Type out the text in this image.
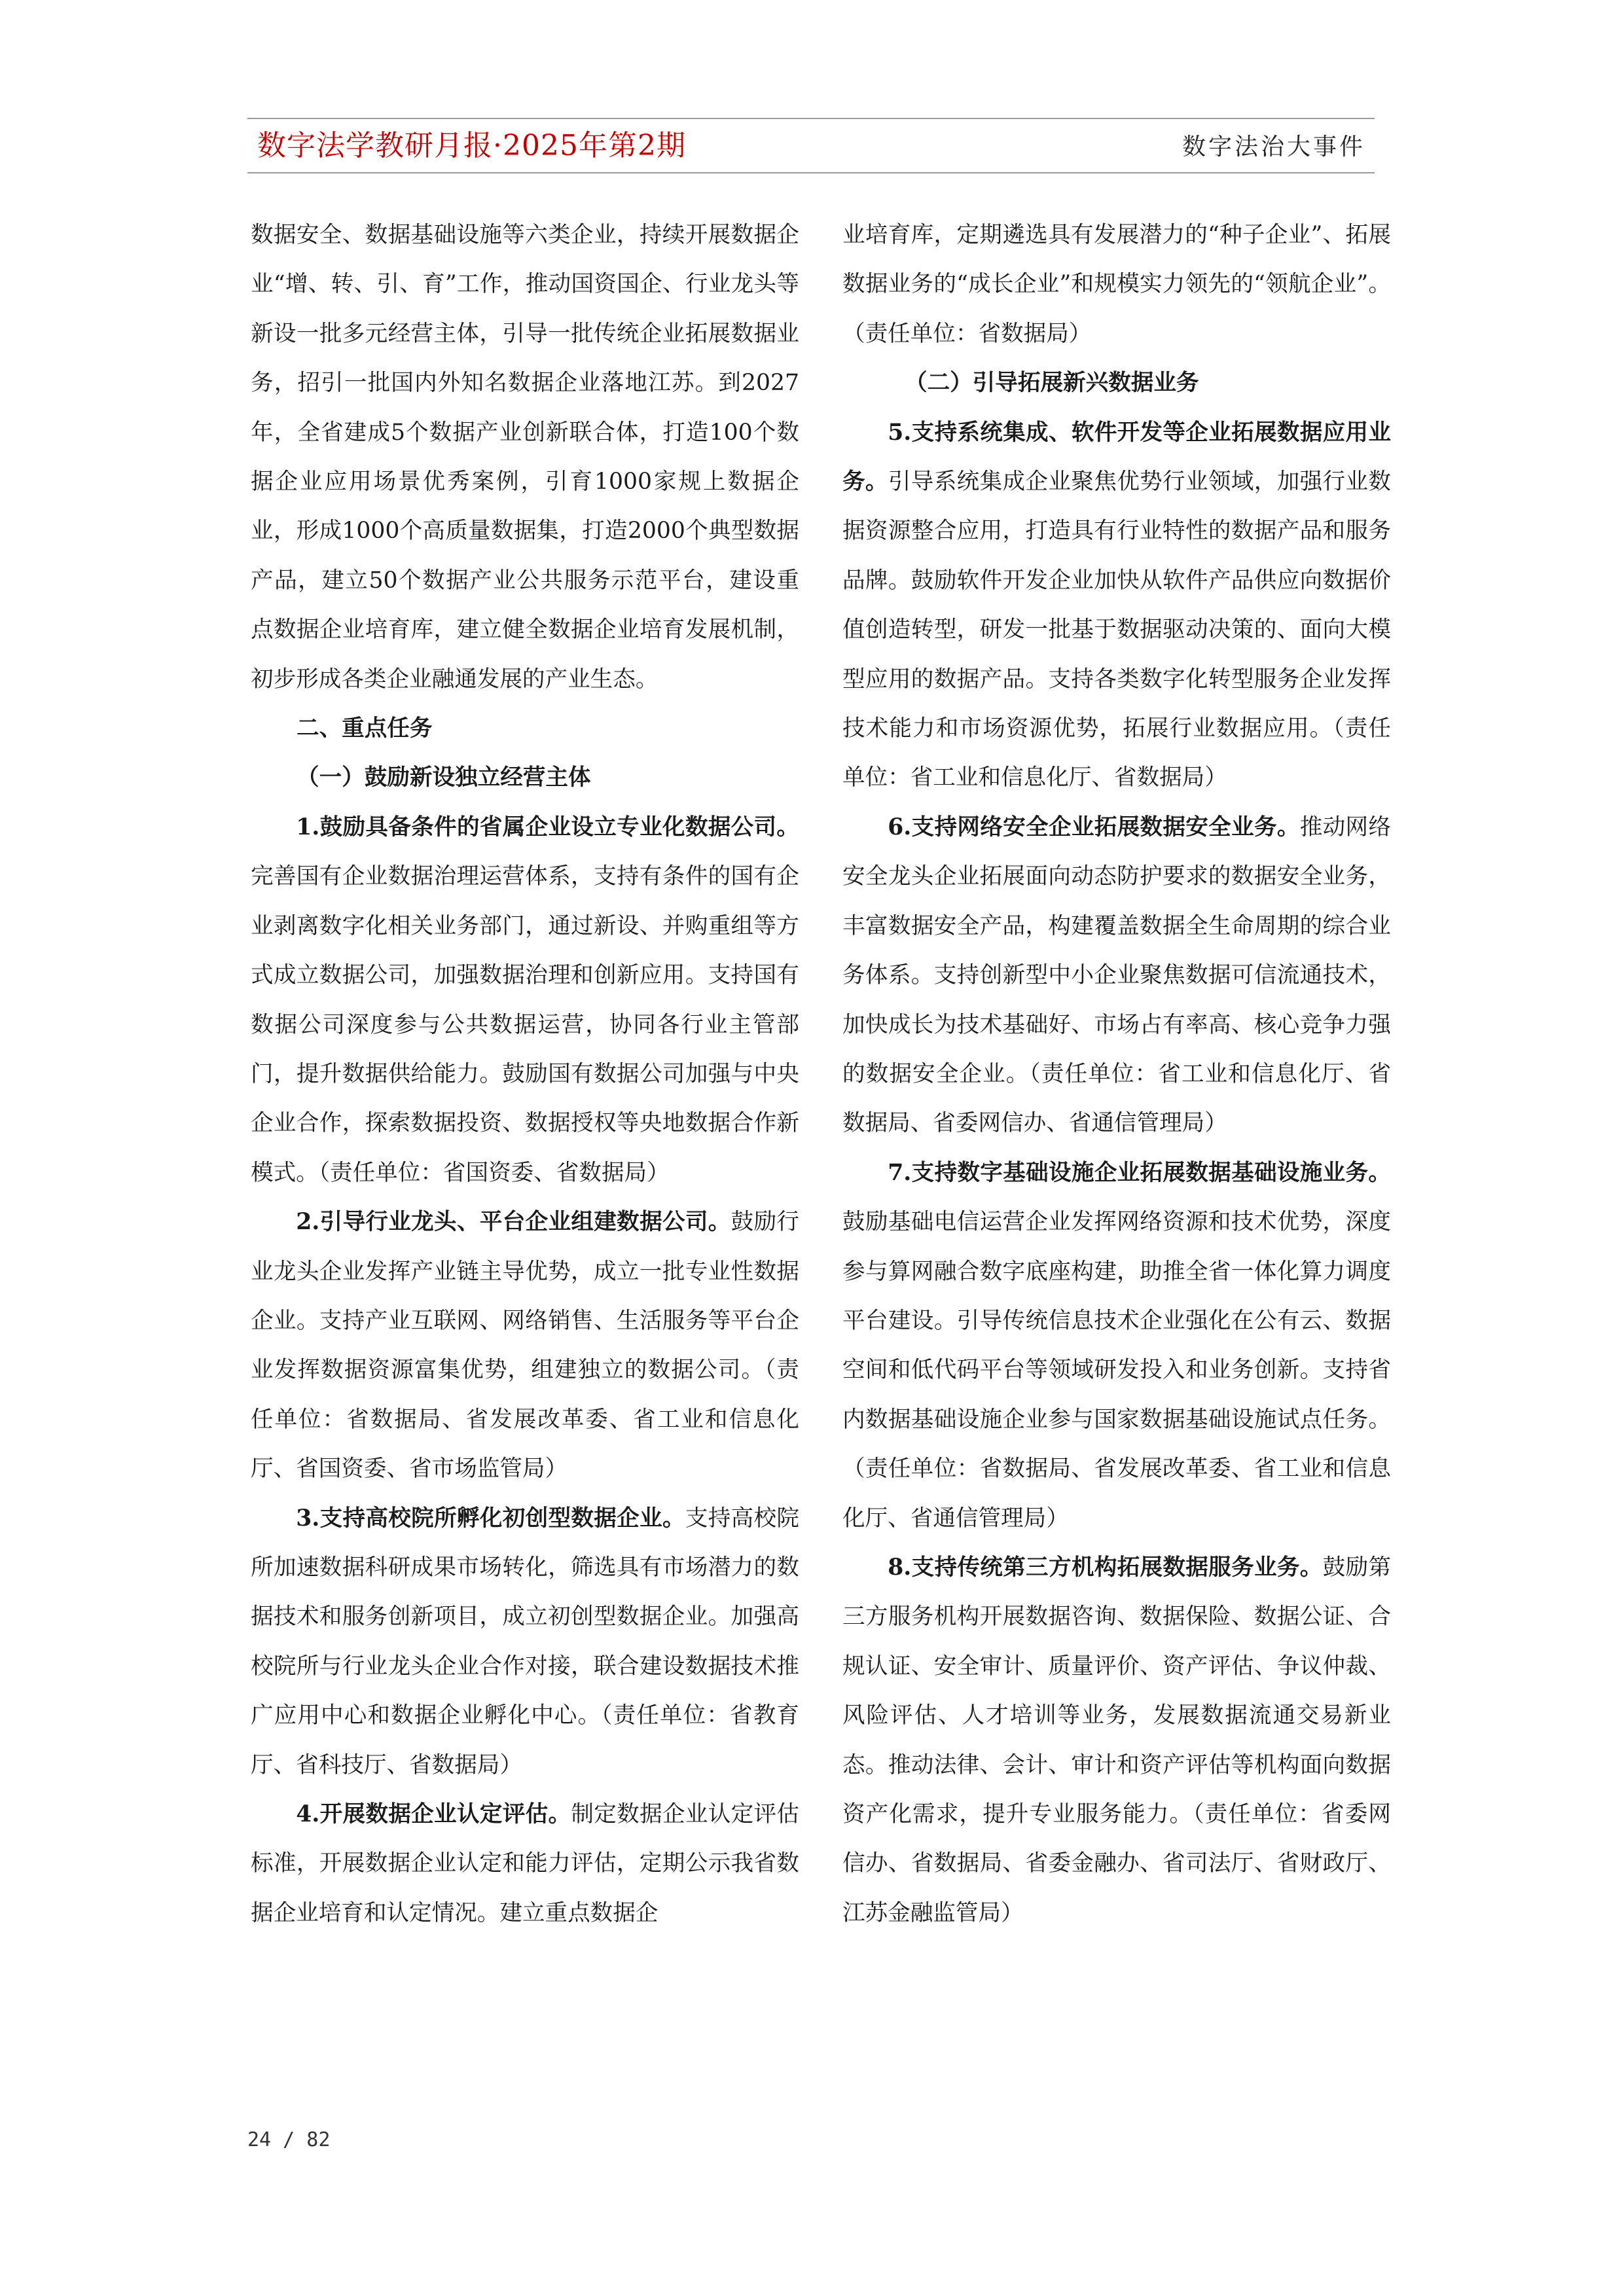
数字法学教研月报·2025年第2期	数字法治大事件

数据安全、数据基础设施等六类企业，持续开展数据企业“增、转、引、育”工作，推动国资国企、行业龙头等新设一批多元经营主体，引导一批传统企业拓展数据业务，招引一批国内外知名数据企业落地江苏。到2027年，全省建成5个数据产业创新联合体，打造100个数据企业应用场景优秀案例，引育1000家规上数据企业，形成1000个高质量数据集，打造2000个典型数据产品，建立50个数据产业公共服务示范平台，建设重点数据企业培育库，建立健全数据企业培育发展机制，初步形成各类企业融通发展的产业生态。

二、重点任务

（一）鼓励新设独立经营主体

1.鼓励具备条件的省属企业设立专业化数据公司。完善国有企业数据治理运营体系，支持有条件的国有企业剥离数字化相关业务部门，通过新设、并购重组等方式成立数据公司，加强数据治理和创新应用。支持国有数据公司深度参与公共数据运营，协同各行业主管部门，提升数据供给能力。鼓励国有数据公司加强与中央企业合作，探索数据投资、数据授权等央地数据合作新模式。（责任单位：省国资委、省数据局）

2.引导行业龙头、平台企业组建数据公司。鼓励行业龙头企业发挥产业链主导优势，成立一批专业性数据企业。支持产业互联网、网络销售、生活服务等平台企业发挥数据资源富集优势，组建独立的数据公司。（责任单位：省数据局、省发展改革委、省工业和信息化厅、省国资委、省市场监管局）

3.支持高校院所孵化初创型数据企业。支持高校院所加速数据科研成果市场转化，筛选具有市场潜力的数据技术和服务创新项目，成立初创型数据企业。加强高校院所与行业龙头企业合作对接，联合建设数据技术推广应用中心和数据企业孵化中心。（责任单位：省教育厅、省科技厅、省数据局）

4.开展数据企业认定评估。制定数据企业认定评估标准，开展数据企业认定和能力评估，定期公示我省数据企业培育和认定情况。建立重点数据企

业培育库，定期遴选具有发展潜力的“种子企业”、拓展数据业务的“成长企业”和规模实力领先的“领航企业”。（责任单位：省数据局）

（二）引导拓展新兴数据业务

5.支持系统集成、软件开发等企业拓展数据应用业务。引导系统集成企业聚焦优势行业领域，加强行业数据资源整合应用，打造具有行业特性的数据产品和服务品牌。鼓励软件开发企业加快从软件产品供应向数据价值创造转型，研发一批基于数据驱动决策的、面向大模型应用的数据产品。支持各类数字化转型服务企业发挥技术能力和市场资源优势，拓展行业数据应用。（责任单位：省工业和信息化厅、省数据局）

6.支持网络安全企业拓展数据安全业务。推动网络安全龙头企业拓展面向动态防护要求的数据安全业务，丰富数据安全产品，构建覆盖数据全生命周期的综合业务体系。支持创新型中小企业聚焦数据可信流通技术，加快成长为技术基础好、市场占有率高、核心竞争力强的数据安全企业。（责任单位：省工业和信息化厅、省数据局、省委网信办、省通信管理局）

7.支持数字基础设施企业拓展数据基础设施业务。鼓励基础电信运营企业发挥网络资源和技术优势，深度参与算网融合数字底座构建，助推全省一体化算力调度平台建设。引导传统信息技术企业强化在公有云、数据空间和低代码平台等领域研发投入和业务创新。支持省内数据基础设施企业参与国家数据基础设施试点任务。（责任单位：省数据局、省发展改革委、省工业和信息化厅、省通信管理局）

8.支持传统第三方机构拓展数据服务业务。鼓励第三方服务机构开展数据咨询、数据保险、数据公证、合规认证、安全审计、质量评价、资产评估、争议仲裁、风险评估、人才培训等业务，发展数据流通交易新业态。推动法律、会计、审计和资产评估等机构面向数据资产化需求，提升专业服务能力。（责任单位：省委网信办、省数据局、省委金融办、省司法厅、省财政厅、江苏金融监管局）

24 / 82
